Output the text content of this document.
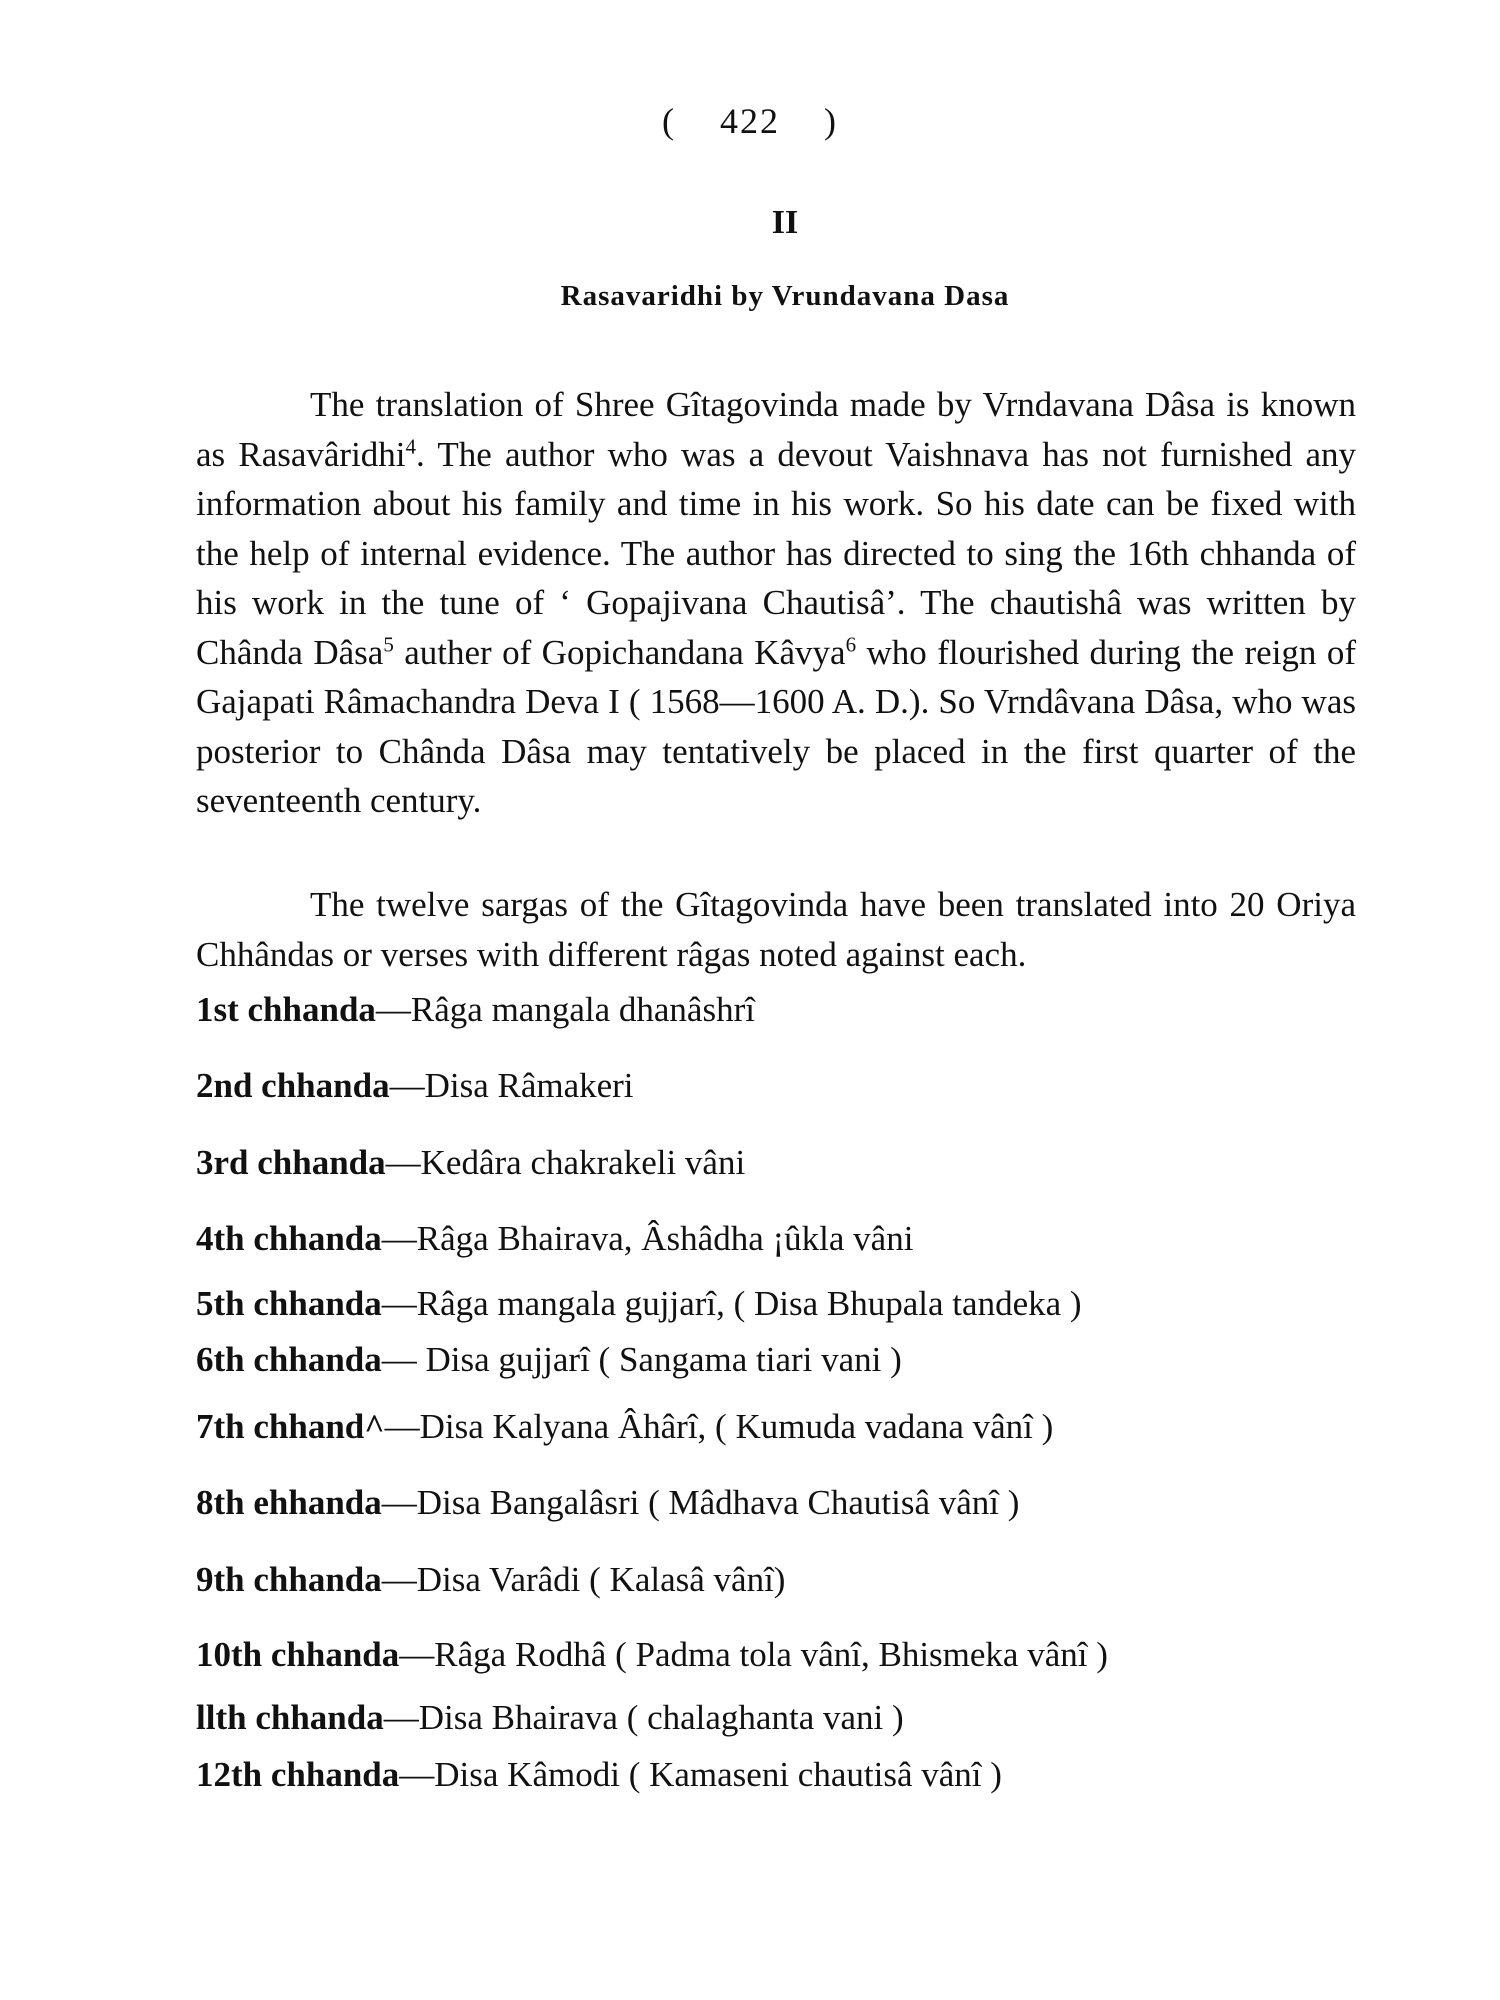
( 422 )
II
Rasavaridhi by Vrundavana Dasa
The translation of Shree Gîtagovinda made by Vrndavana Dâsa is known as Rasavâridhi$^4$. The author who was a devout Vaishnava has not furnished any information about his family and time in his work. So his date can be fixed with the help of internal evidence. The author has directed to sing the 16th chhanda of his work in the tune of ‘ Gopajivana Chautisâ’. The chautishâ was written by Chânda Dâsa$^5$ auther of Gopichandana Kâvya$^6$ who flourished during the reign of Gajapati Râmachandra Deva I ( 1568—1600 A. D.). So Vrndâvana Dâsa, who was posterior to Chânda Dâsa may tentatively be placed in the first quarter of the seventeenth century.
The twelve sargas of the Gîtagovinda have been translated into 20 Oriya Chhândas or verses with different râgas noted against each.
1st chhanda—Râga mangala dhanâshrî
2nd chhanda—Disa Râmakeri
3rd chhanda—Kedâra chakrakeli vâni
4th chhanda—Râga Bhairava, Âshâdha ¡ûkla vâni
5th chhanda—Râga mangala gujjarî, ( Disa Bhupala tandeka )
6th chhanda— Disa gujjarî ( Sangama tiari vani )
7th chhand^—Disa Kalyana Âhârî, ( Kumuda vadana vânî )
8th ehhanda—Disa Bangalâsri ( Mâdhava Chautisâ vânî )
9th chhanda—Disa Varâdi ( Kalasâ vânî)
10th chhanda—Râga Rodhâ ( Padma tola vânî, Bhismeka vânî )
llth chhanda—Disa Bhairava ( chalaghanta vani )
12th chhanda—Disa Kâmodi ( Kamaseni chautisâ vânî )
